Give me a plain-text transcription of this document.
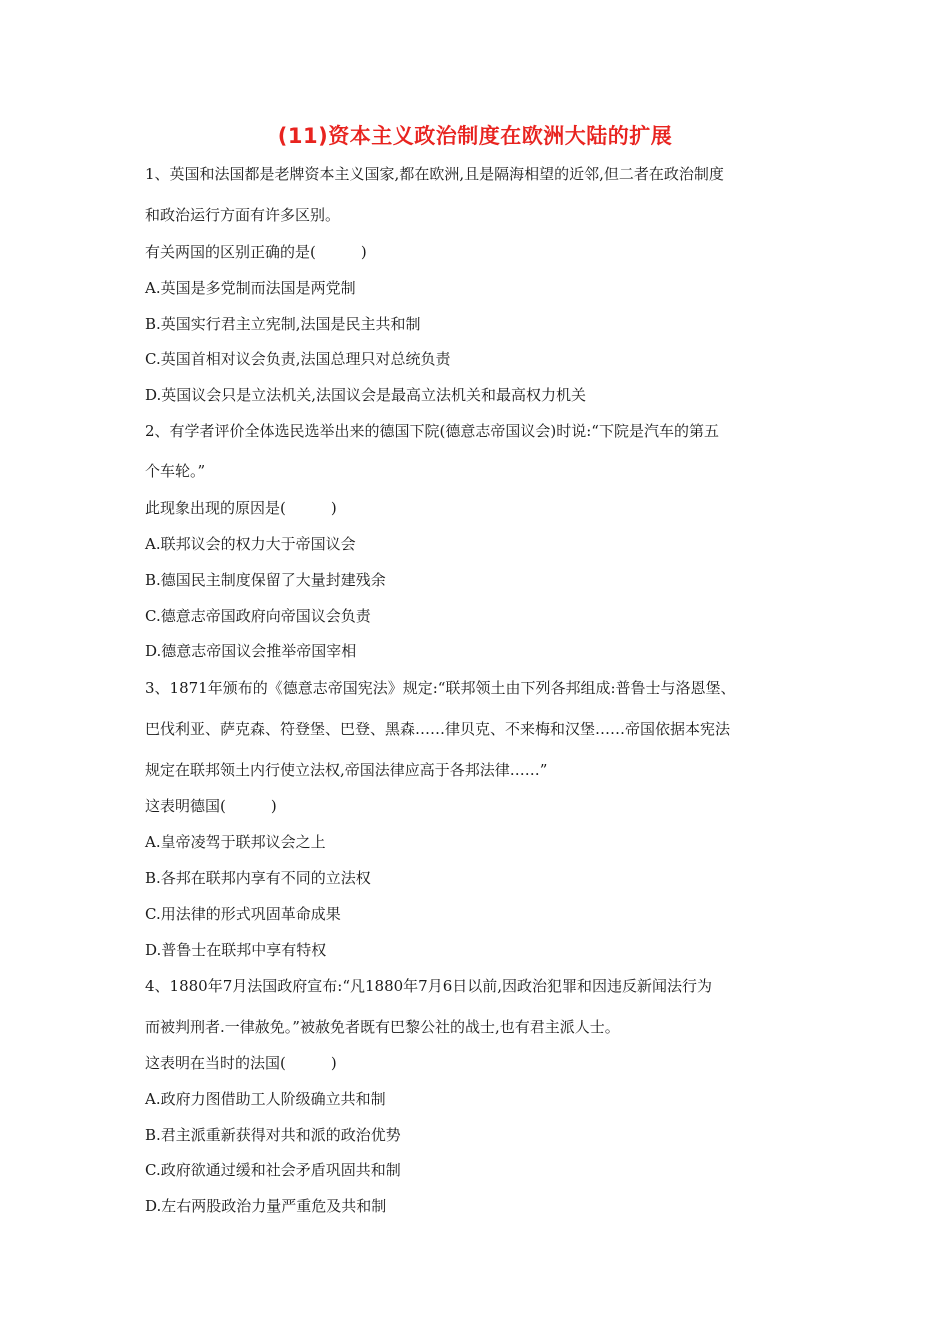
(11)资本主义政治制度在欧洲大陆的扩展
1、英国和法国都是老牌资本主义国家,都在欧洲,且是隔海相望的近邻,但二者在政治制度
和政治运行方面有许多区别。
有关两国的区别正确的是(　　　)
A.英国是多党制而法国是两党制
B.英国实行君主立宪制,法国是民主共和制
C.英国首相对议会负责,法国总理只对总统负责
D.英国议会只是立法机关,法国议会是最高立法机关和最高权力机关
2、有学者评价全体选民选举出来的德国下院(德意志帝国议会)时说:“下院是汽车的第五
个车轮。”
此现象出现的原因是(　　　)
A.联邦议会的权力大于帝国议会
B.德国民主制度保留了大量封建残余
C.德意志帝国政府向帝国议会负责
D.德意志帝国议会推举帝国宰相
3、1871年颁布的《德意志帝国宪法》规定:“联邦领土由下列各邦组成:普鲁士与洛恩堡、
巴伐利亚、萨克森、符登堡、巴登、黑森……律贝克、不来梅和汉堡……帝国依据本宪法
规定在联邦领土内行使立法权,帝国法律应高于各邦法律……”
这表明德国(　　　)
A.皇帝凌驾于联邦议会之上
B.各邦在联邦内享有不同的立法权
C.用法律的形式巩固革命成果
D.普鲁士在联邦中享有特权
4、1880年7月法国政府宣布:“凡1880年7月6日以前,因政治犯罪和因违反新闻法行为
而被判刑者.一律赦免。”被赦免者既有巴黎公社的战士,也有君主派人士。
这表明在当时的法国(　　　)
A.政府力图借助工人阶级确立共和制
B.君主派重新获得对共和派的政治优势
C.政府欲通过缓和社会矛盾巩固共和制
D.左右两股政治力量严重危及共和制
